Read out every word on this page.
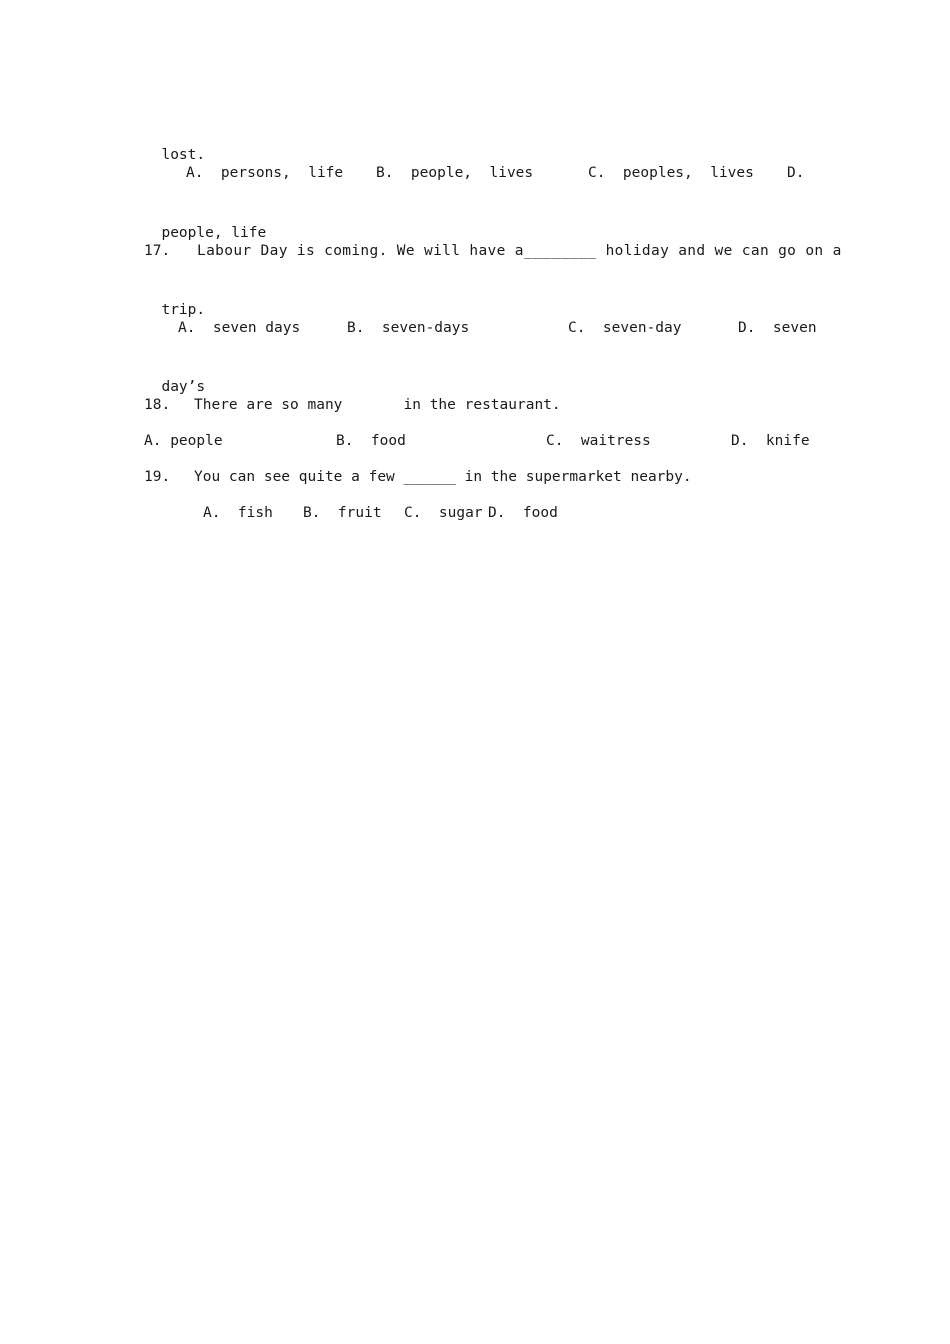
lost.

A.  persons,  life

B.  people,  lives

	C.  peoples,  lives

D.

people, life

17.

Labour Day is coming. We will have a________ holiday and we can go on a

trip.

A.  seven days

	B.  seven-days

	C.  seven-day

	D.  seven

day’s

18.

There are so many       in the restaurant.

A. people

	B.  food

	C.  waitress

	D.  knife

19.

You can see quite a few ______ in the supermarket nearby.

A.  fish

B.  fruit

C.  sugar

D.  food
